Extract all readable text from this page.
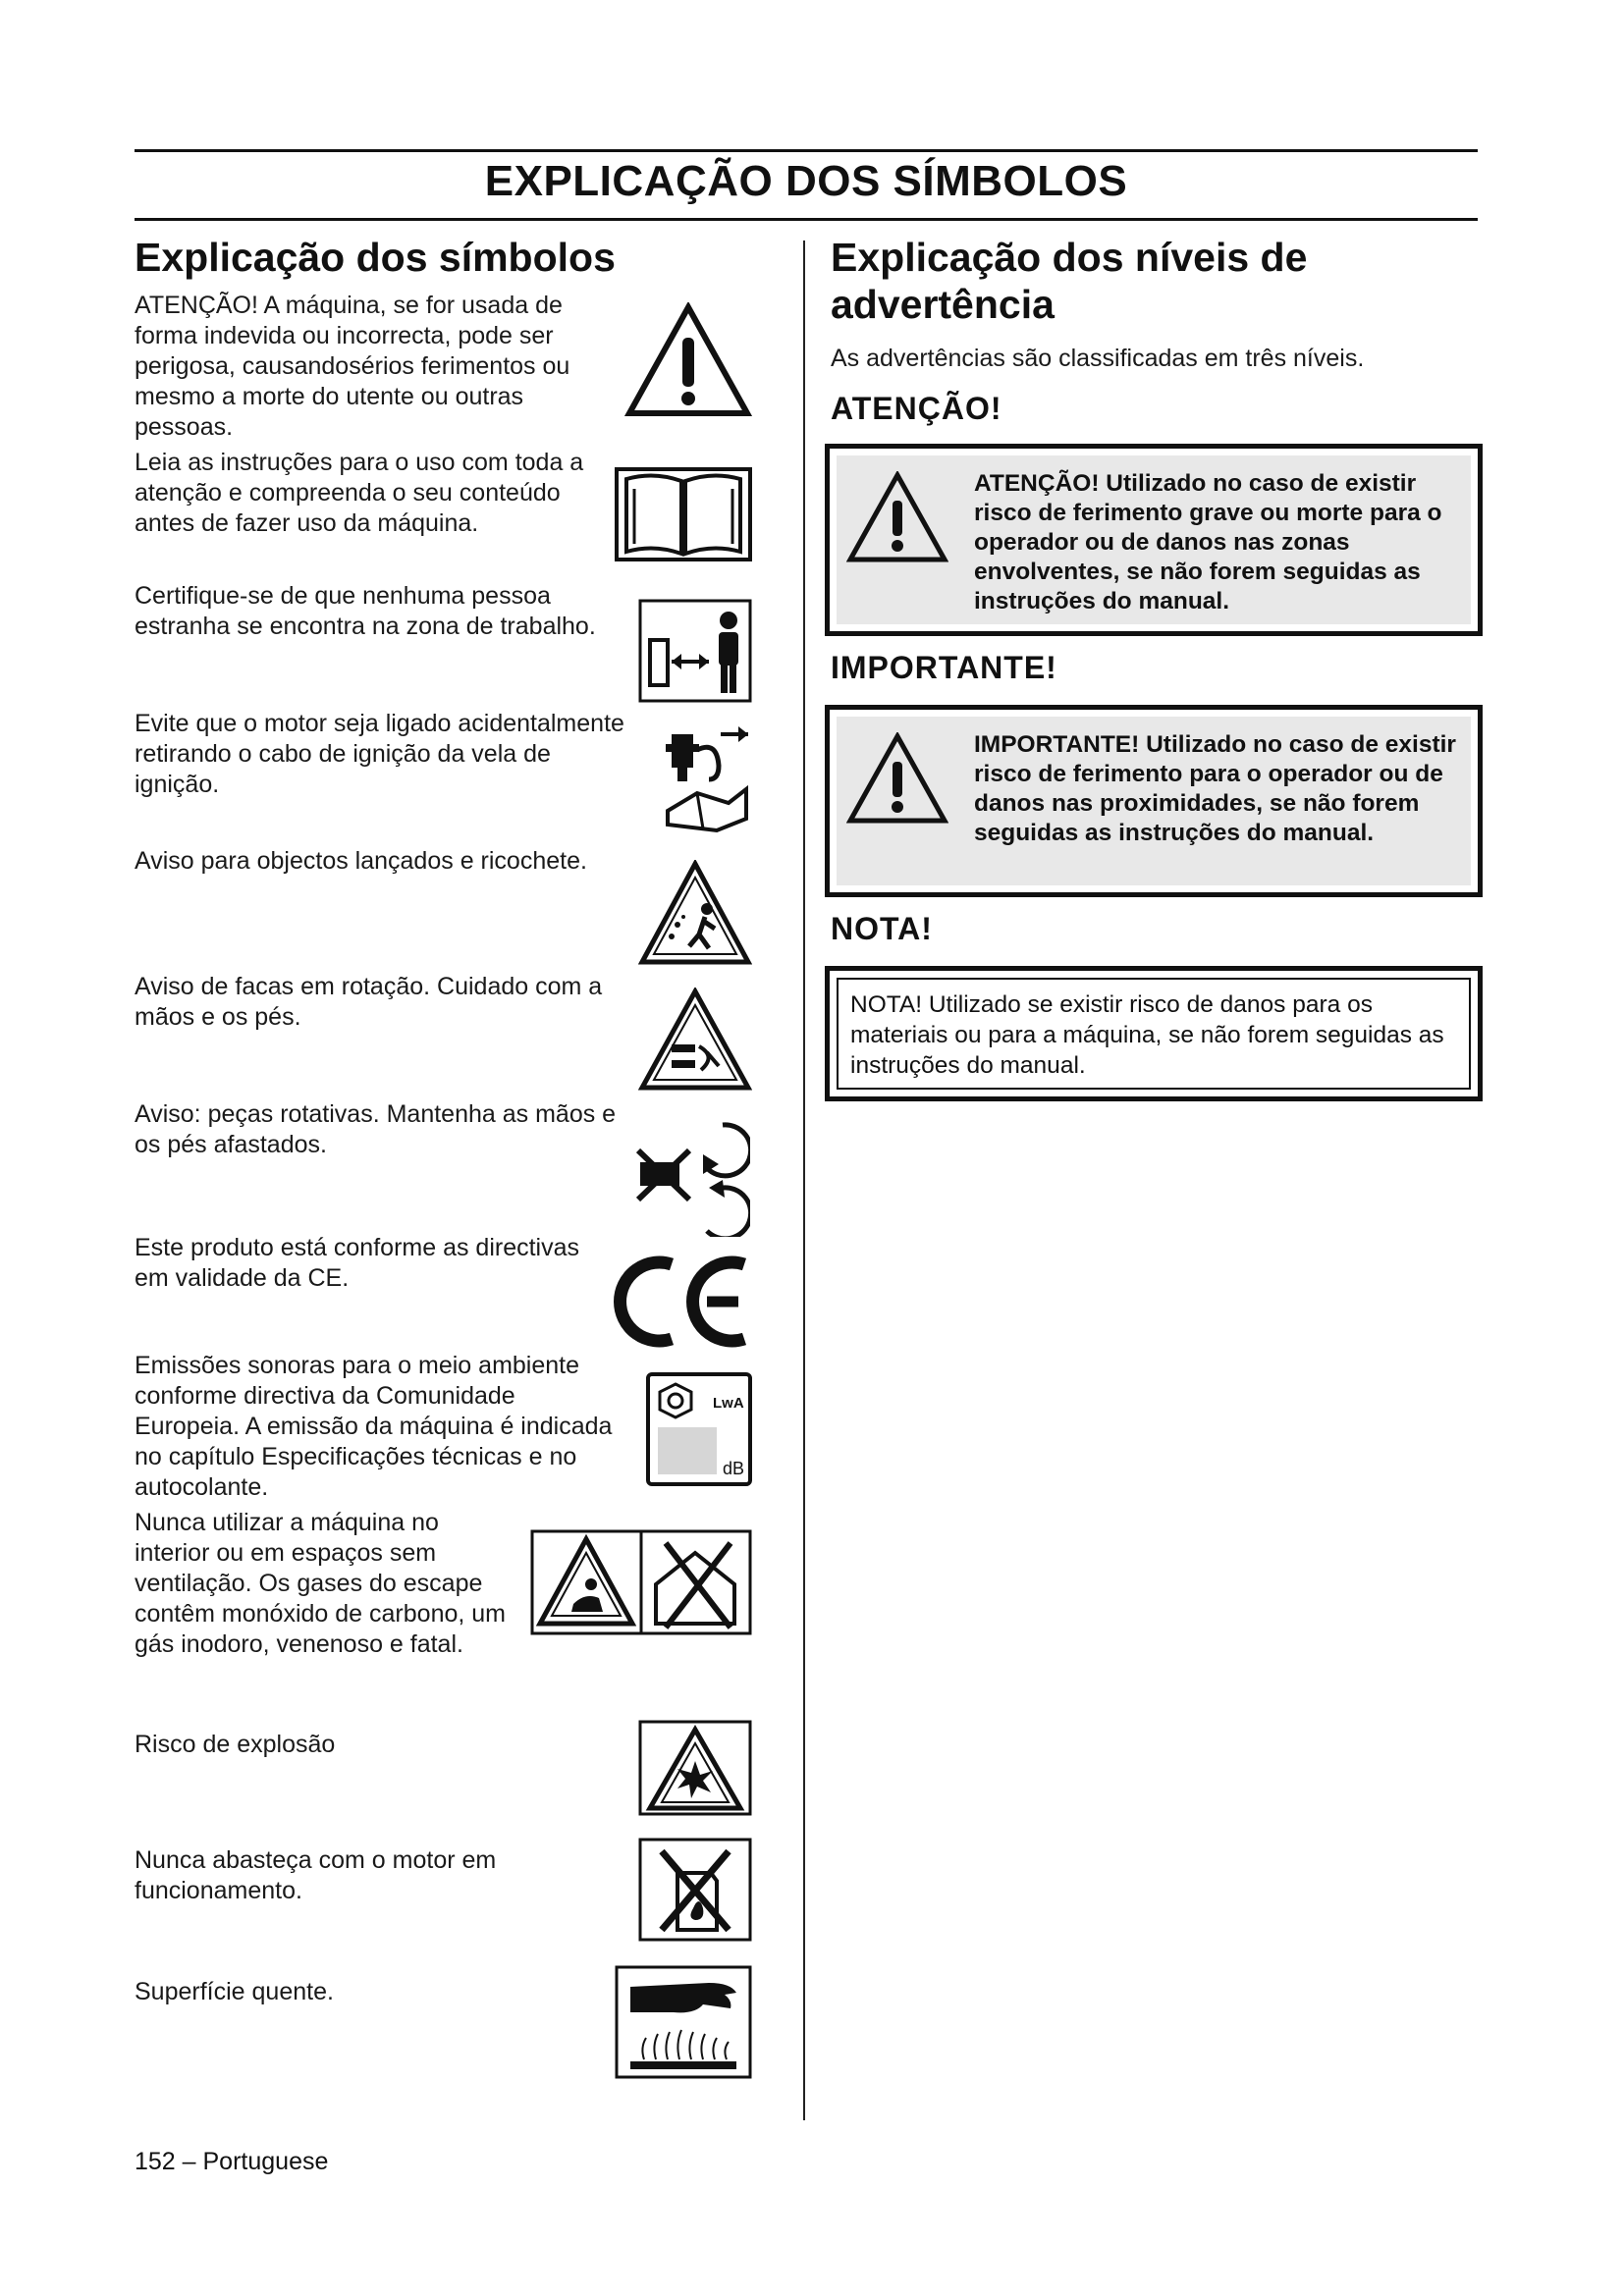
EXPLICAÇÃO DOS SÍMBOLOS
Explicação dos símbolos
ATENÇÃO! A máquina, se for usada de forma indevida ou incorrecta, pode ser perigosa, causandosérios ferimentos ou mesmo a morte do utente ou outras pessoas.
Leia as instruções para o uso com toda a atenção e compreenda o seu conteúdo antes de fazer uso da máquina.
Certifique-se de que nenhuma pessoa estranha se encontra na zona de trabalho.
Evite que o motor seja ligado acidentalmente retirando o cabo de ignição da vela de ignição.
Aviso para objectos lançados e ricochete.
Aviso de facas em rotação. Cuidado com a mãos e os pés.
Aviso: peças rotativas. Mantenha as mãos e os pés afastados.
Este produto está conforme as directivas em validade da CE.
Emissões sonoras para o meio ambiente conforme directiva da Comunidade Europeia. A emissão da máquina é indicada no capítulo Especificações técnicas e no autocolante.
LwA
dB
Nunca utilizar a máquina no interior ou em espaços sem ventilação. Os gases do escape contêm monóxido de carbono, um gás inodoro, venenoso e fatal.
Risco de explosão
Nunca abasteça com o motor em funcionamento.
Superfície quente.
Explicação dos níveis de advertência
As advertências são classificadas em três níveis.
ATENÇÃO!
ATENÇÃO! Utilizado no caso de existir risco de ferimento grave ou morte para o operador ou de danos nas zonas envolventes, se não forem seguidas as instruções do manual.
IMPORTANTE!
IMPORTANTE! Utilizado no caso de existir risco de ferimento para o operador ou de danos nas proximidades, se não forem seguidas as instruções do manual.
NOTA!
NOTA! Utilizado se existir risco de danos para os materiais ou para a máquina, se não forem seguidas as instruções do manual.
152 – Portuguese
